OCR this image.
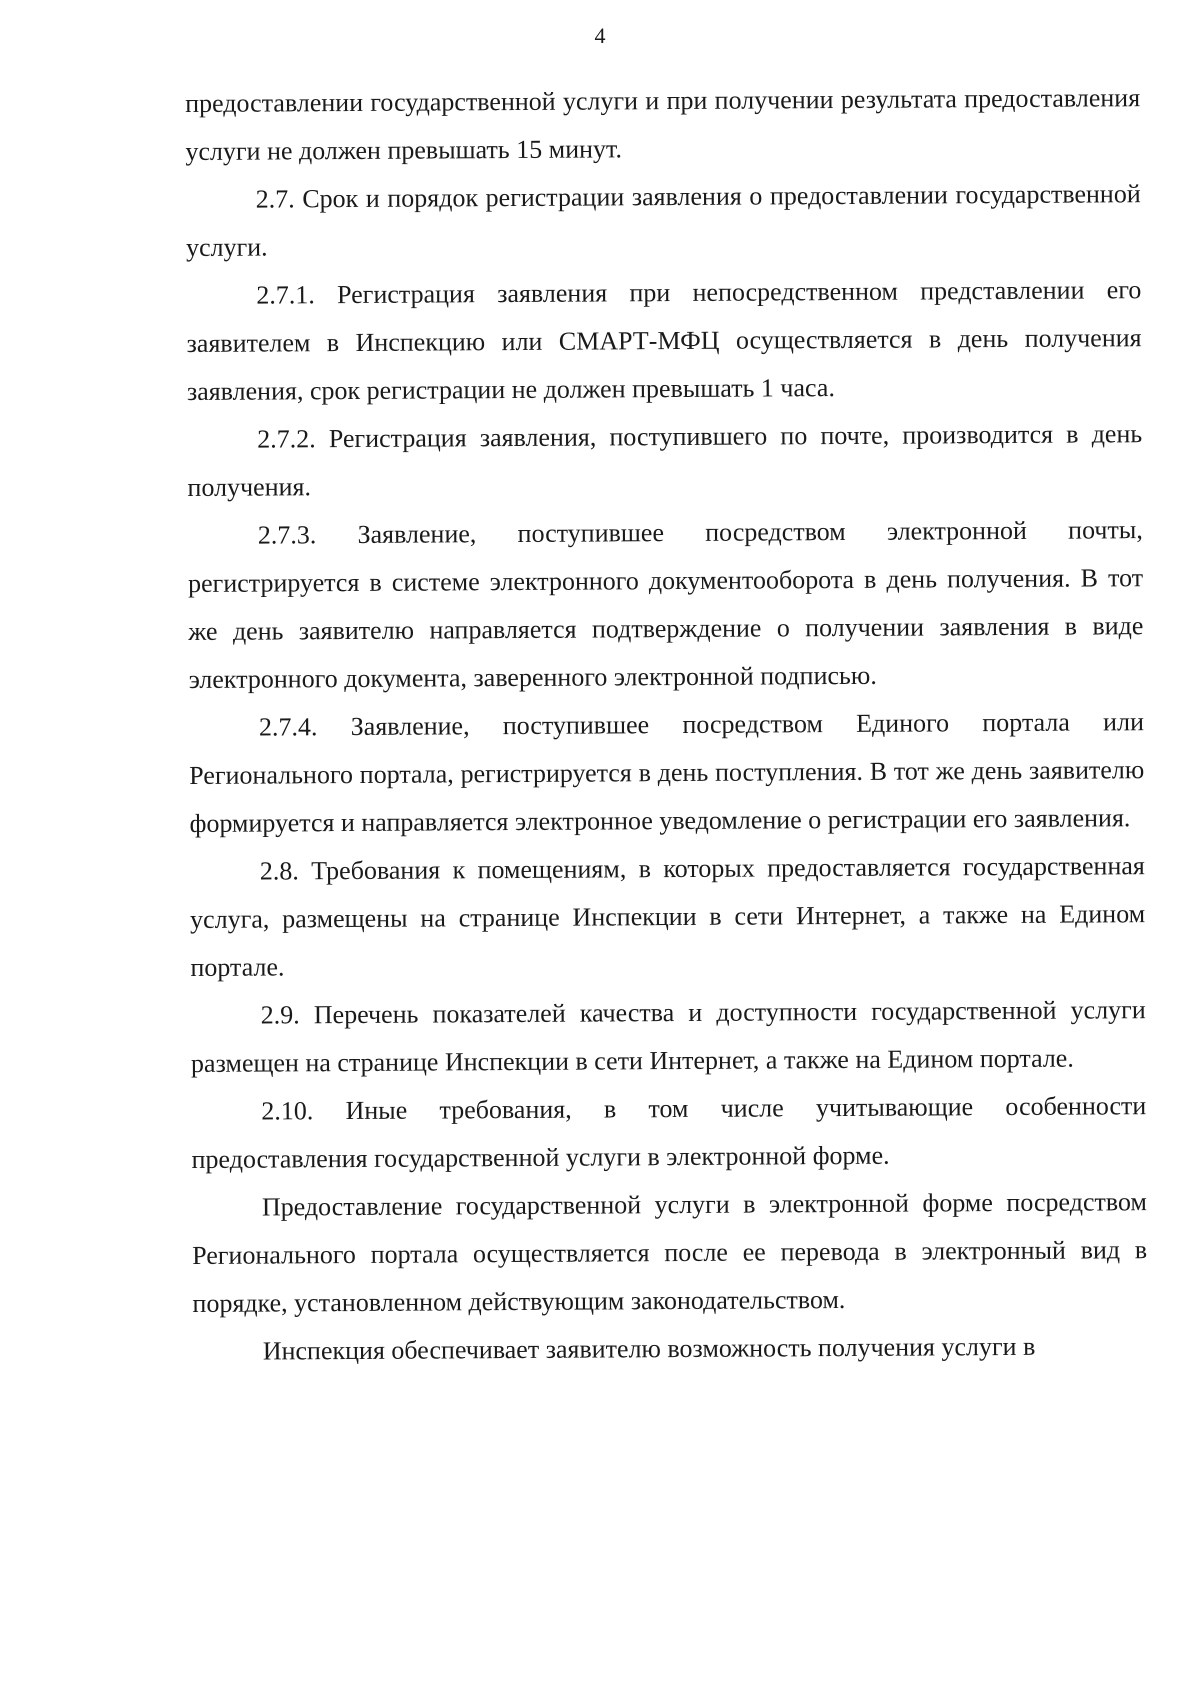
4

предоставлении государственной услуги и при получении результата предоставления услуги не должен превышать 15 минут.

2.7. Срок и порядок регистрации заявления о предоставлении государственной услуги.

2.7.1. Регистрация заявления при непосредственном представлении его заявителем в Инспекцию или СМАРТ-МФЦ осуществляется в день получения заявления, срок регистрации не должен превышать 1 часа.

2.7.2. Регистрация заявления, поступившего по почте, производится в день получения.

2.7.3. Заявление, поступившее посредством электронной почты, регистрируется в системе электронного документооборота в день получения. В тот же день заявителю направляется подтверждение о получении заявления в виде электронного документа, заверенного электронной подписью.

2.7.4. Заявление, поступившее посредством Единого портала или Регионального портала, регистрируется в день поступления. В тот же день заявителю формируется и направляется электронное уведомление о регистрации его заявления.

2.8. Требования к помещениям, в которых предоставляется государственная услуга, размещены на странице Инспекции в сети Интернет, а также на Едином портале.

2.9. Перечень показателей качества и доступности государственной услуги размещен на странице Инспекции в сети Интернет, а также на Едином портале.

2.10. Иные требования, в том числе учитывающие особенности предоставления государственной услуги в электронной форме.

Предоставление государственной услуги в электронной форме посредством Регионального портала осуществляется после ее перевода в электронный вид в порядке, установленном действующим законодательством.

Инспекция обеспечивает заявителю возможность получения услуги в
